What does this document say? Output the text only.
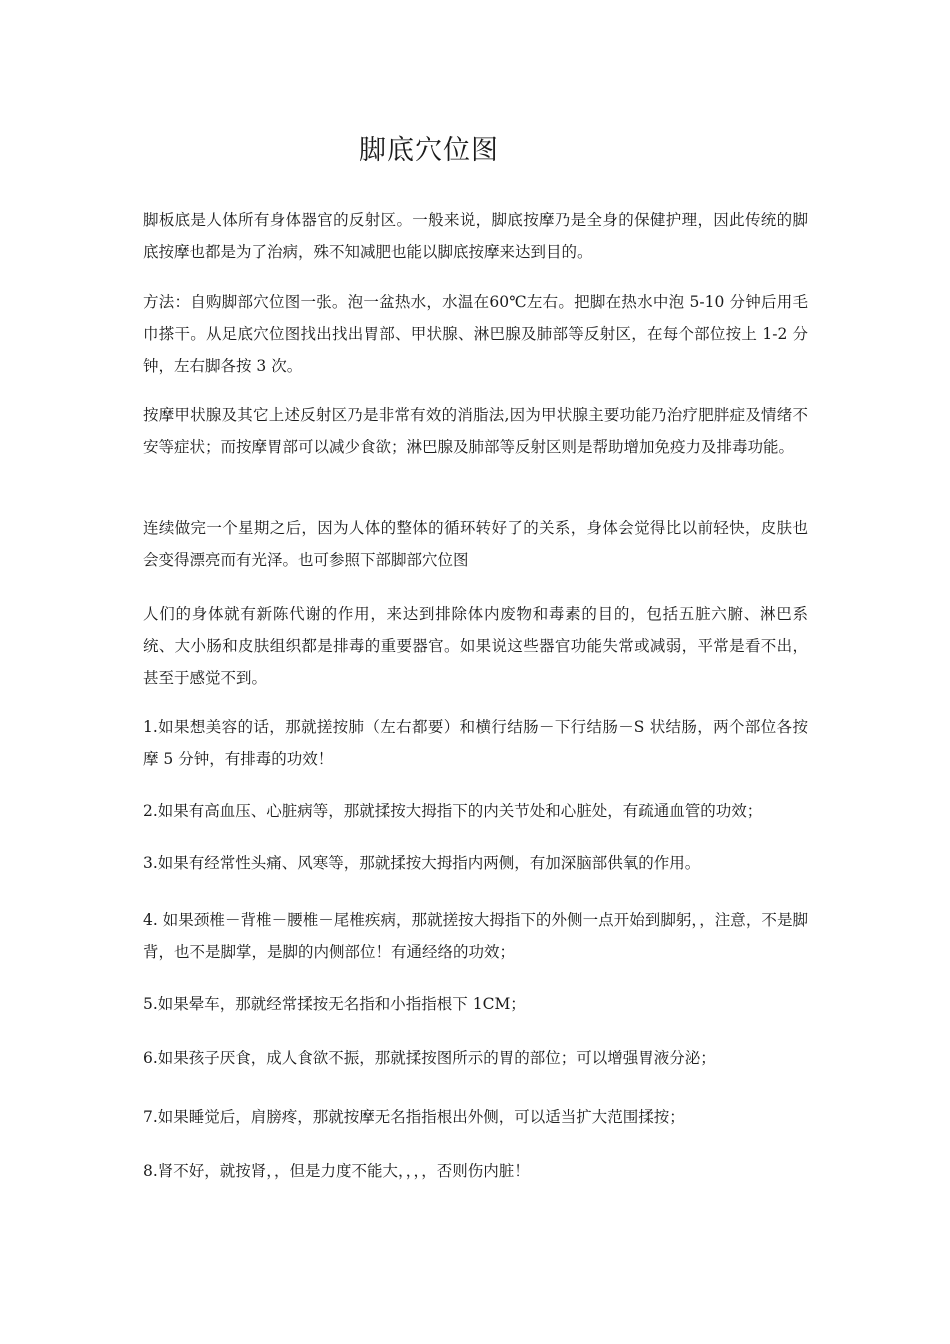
脚底穴位图

脚板底是人体所有身体器官的反射区。一般来说，脚底按摩乃是全身的保健护理，因此传统的脚底按摩也都是为了治病，殊不知减肥也能以脚底按摩来达到目的。

方法：自购脚部穴位图一张。泡一盆热水，水温在60℃左右。把脚在热水中泡 5-10 分钟后用毛巾搽干。从足底穴位图找出找出胃部、甲状腺、淋巴腺及肺部等反射区，在每个部位按上 1-2 分钟，左右脚各按 3 次。

按摩甲状腺及其它上述反射区乃是非常有效的消脂法,因为甲状腺主要功能乃治疗肥胖症及情绪不安等症状；而按摩胃部可以减少食欲；淋巴腺及肺部等反射区则是帮助增加免疫力及排毒功能。

连续做完一个星期之后，因为人体的整体的循环转好了的关系，身体会觉得比以前轻快，皮肤也会变得漂亮而有光泽。也可参照下部脚部穴位图

人们的身体就有新陈代谢的作用，来达到排除体内废物和毒素的目的，包括五脏六腑、淋巴系统、大小肠和皮肤组织都是排毒的重要器官。如果说这些器官功能失常或减弱，平常是看不出，甚至于感觉不到。

1.如果想美容的话，那就搓按肺（左右都要）和横行结肠－下行结肠－S 状结肠，两个部位各按摩 5 分钟，有排毒的功效！

2.如果有高血压、心脏病等，那就揉按大拇指下的内关节处和心脏处，有疏通血管的功效；

3.如果有经常性头痛、风寒等，那就揉按大拇指内两侧，有加深脑部供氧的作用。

4. 如果颈椎－背椎－腰椎－尾椎疾病，那就搓按大拇指下的外侧一点开始到脚躬，，注意，不是脚背，也不是脚掌，是脚的内侧部位！有通经络的功效；

5.如果晕车，那就经常揉按无名指和小指指根下 1CM；

6.如果孩子厌食，成人食欲不振，那就揉按图所示的胃的部位；可以增强胃液分泌；

7.如果睡觉后，肩膀疼，那就按摩无名指指根出外侧，可以适当扩大范围揉按；

8.肾不好，就按肾，，但是力度不能大，，，，否则伤内脏！
